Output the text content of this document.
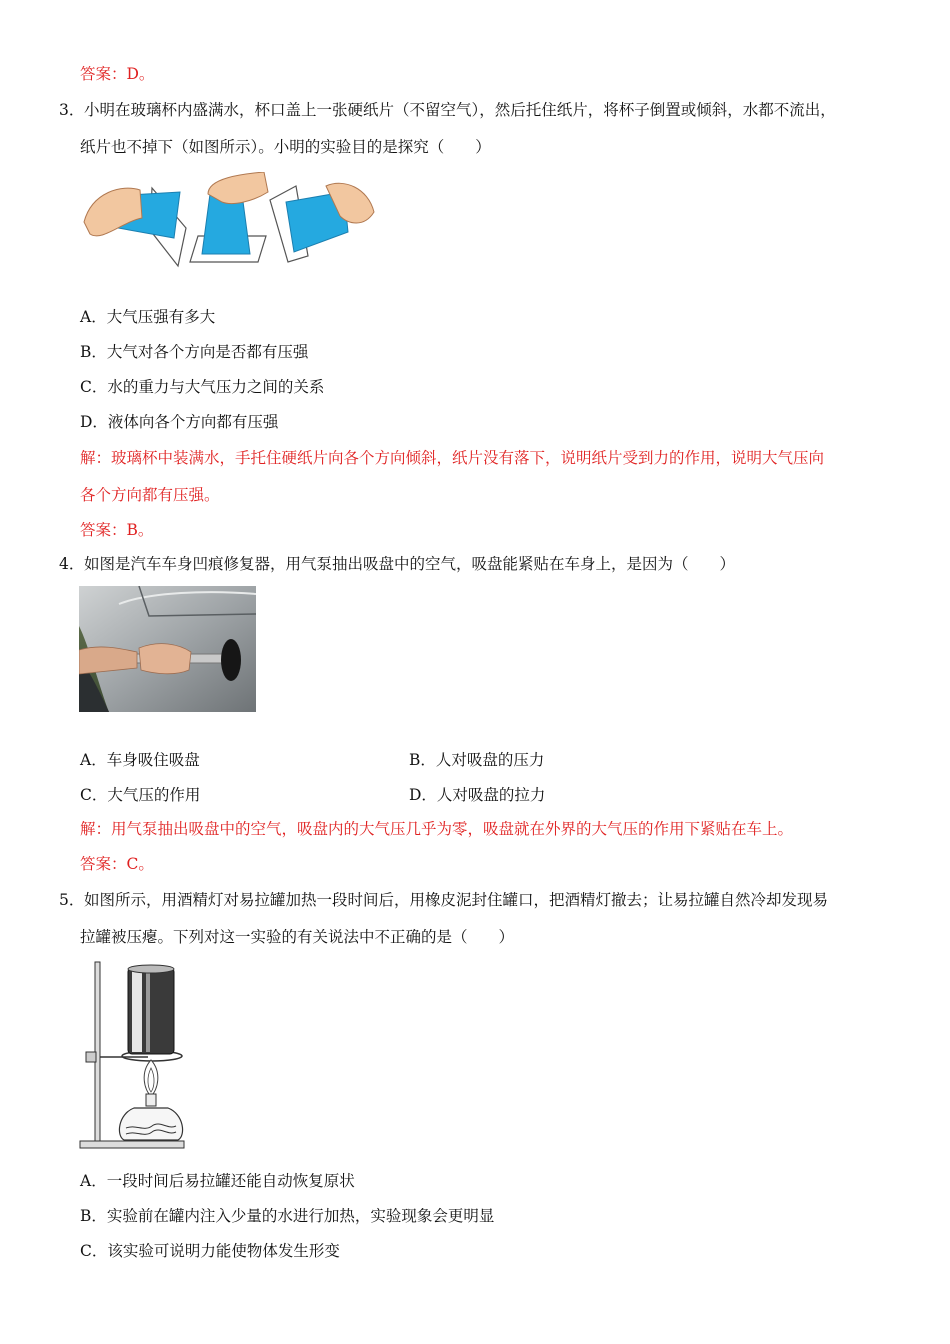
答案：D。
3． 小明在玻璃杯内盛满水，杯口盖上一张硬纸片（不留空气），然后托住纸片，将杯子倒置或倾斜，水都不流出，
纸片也不掉下（如图所示）。小明的实验目的是探究（　　）
A．大气压强有多大
B．大气对各个方向是否都有压强
C．水的重力与大气压力之间的关系
D．液体向各个方向都有压强
解：玻璃杯中装满水，手托住硬纸片向各个方向倾斜，纸片没有落下，说明纸片受到力的作用，说明大气压向
各个方向都有压强。
答案：B。
4． 如图是汽车车身凹痕修复器，用气泵抽出吸盘中的空气，吸盘能紧贴在车身上，是因为（　　）
A．车身吸住吸盘	B．人对吸盘的压力
C．大气压的作用	D．人对吸盘的拉力
解：用气泵抽出吸盘中的空气，吸盘内的大气压几乎为零，吸盘就在外界的大气压的作用下紧贴在车上。
答案：C。
5． 如图所示，用酒精灯对易拉罐加热一段时间后，用橡皮泥封住罐口，把酒精灯撤去；让易拉罐自然冷却发现易
拉罐被压瘪。下列对这一实验的有关说法中不正确的是（　　）
A．一段时间后易拉罐还能自动恢复原状
B．实验前在罐内注入少量的水进行加热，实验现象会更明显
C．该实验可说明力能使物体发生形变
